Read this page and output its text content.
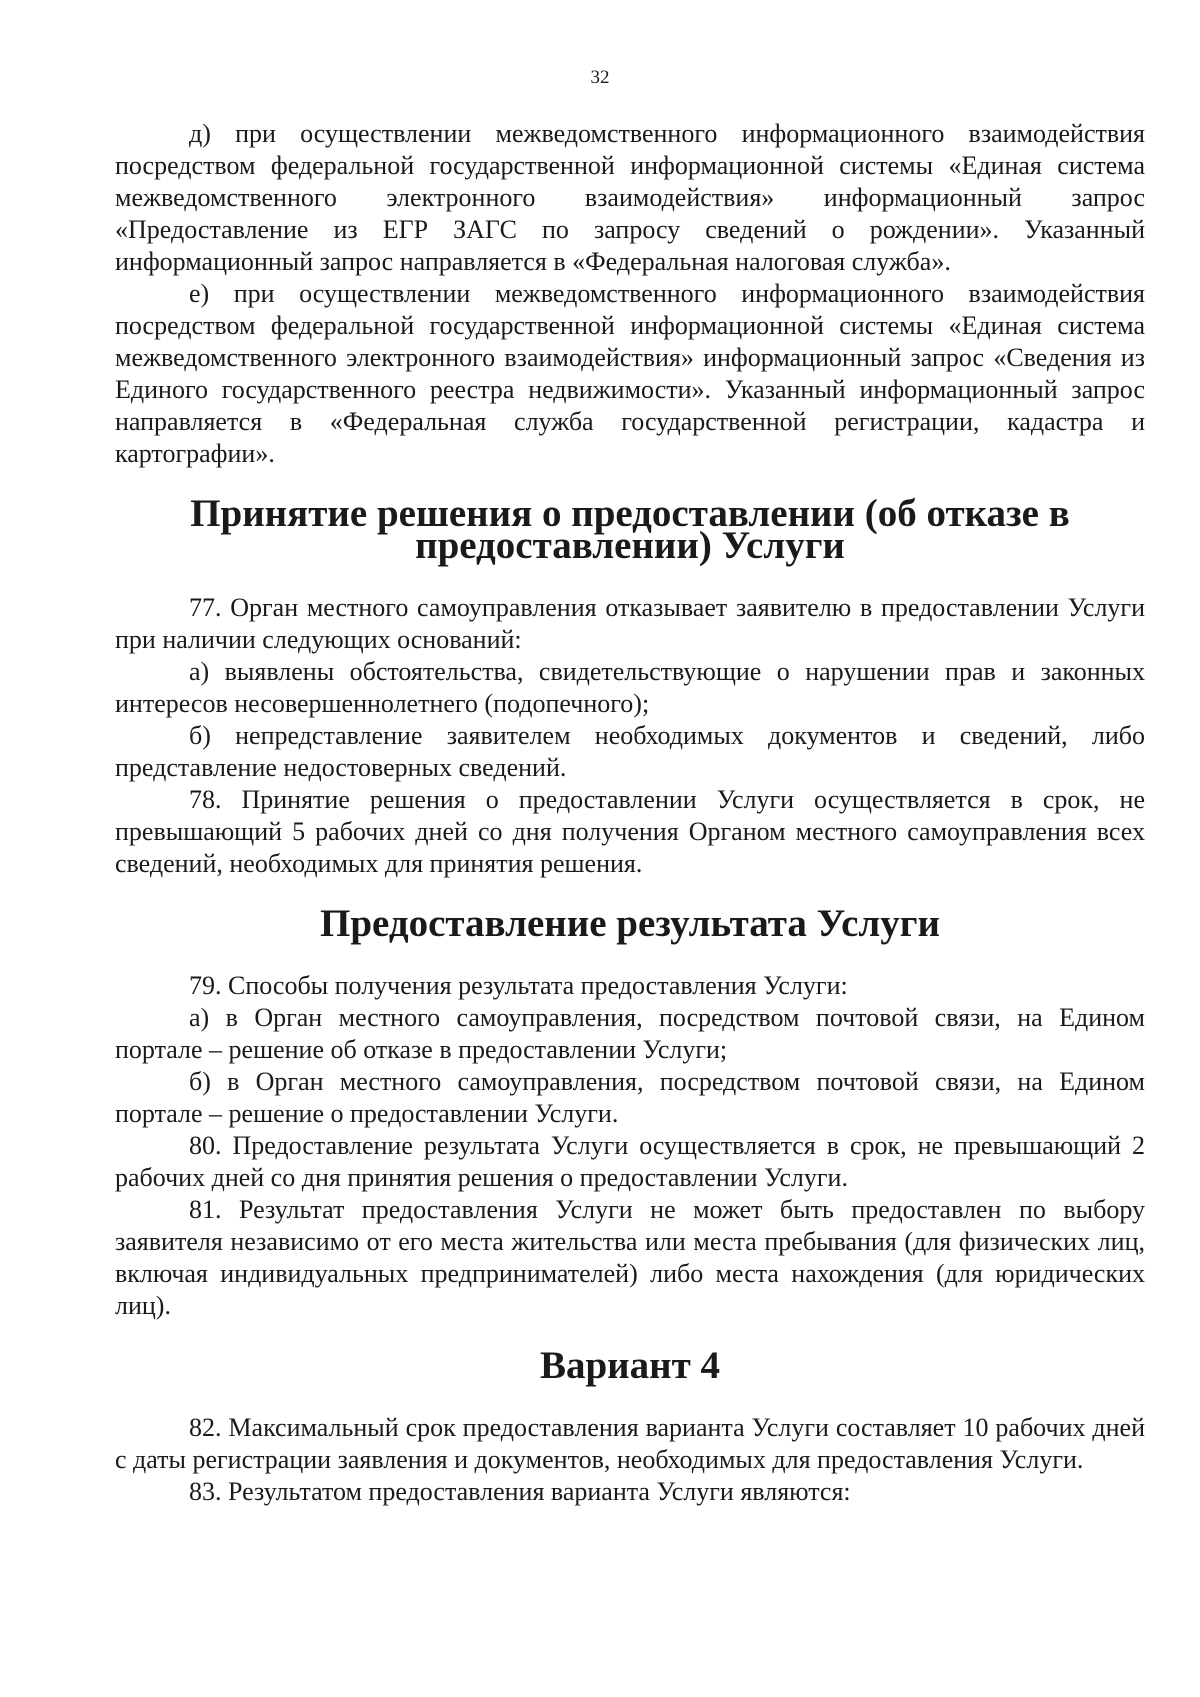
32

д) при осуществлении межведомственного информационного взаимодействия посредством федеральной государственной информационной системы «Единая система межведомственного электронного взаимодействия» информационный запрос «Предоставление из ЕГР ЗАГС по запросу сведений о рождении». Указанный информационный запрос направляется в «Федеральная налоговая служба».

е) при осуществлении межведомственного информационного взаимодействия посредством федеральной государственной информационной системы «Единая система межведомственного электронного взаимодействия» информационный запрос «Сведения из Единого государственного реестра недвижимости». Указанный информационный запрос направляется в «Федеральная служба государственной регистрации, кадастра и картографии».

Принятие решения о предоставлении (об отказе в предоставлении) Услуги

77. Орган местного самоуправления отказывает заявителю в предоставлении Услуги при наличии следующих оснований:

а) выявлены обстоятельства, свидетельствующие о нарушении прав и законных интересов несовершеннолетнего (подопечного);

б) непредставление заявителем необходимых документов и сведений, либо представление недостоверных сведений.

78. Принятие решения о предоставлении Услуги осуществляется в срок, не превышающий 5 рабочих дней со дня получения Органом местного самоуправления всех сведений, необходимых для принятия решения.

Предоставление результата Услуги

79. Способы получения результата предоставления Услуги:

а) в Орган местного самоуправления, посредством почтовой связи, на Едином портале – решение об отказе в предоставлении Услуги;

б) в Орган местного самоуправления, посредством почтовой связи, на Едином портале – решение о предоставлении Услуги.

80. Предоставление результата Услуги осуществляется в срок, не превышающий 2 рабочих дней со дня принятия решения о предоставлении Услуги.

81. Результат предоставления Услуги не может быть предоставлен по выбору заявителя независимо от его места жительства или места пребывания (для физических лиц, включая индивидуальных предпринимателей) либо места нахождения (для юридических лиц).

Вариант 4

82. Максимальный срок предоставления варианта Услуги составляет 10 рабочих дней с даты регистрации заявления и документов, необходимых для предоставления Услуги.

83. Результатом предоставления варианта Услуги являются:
